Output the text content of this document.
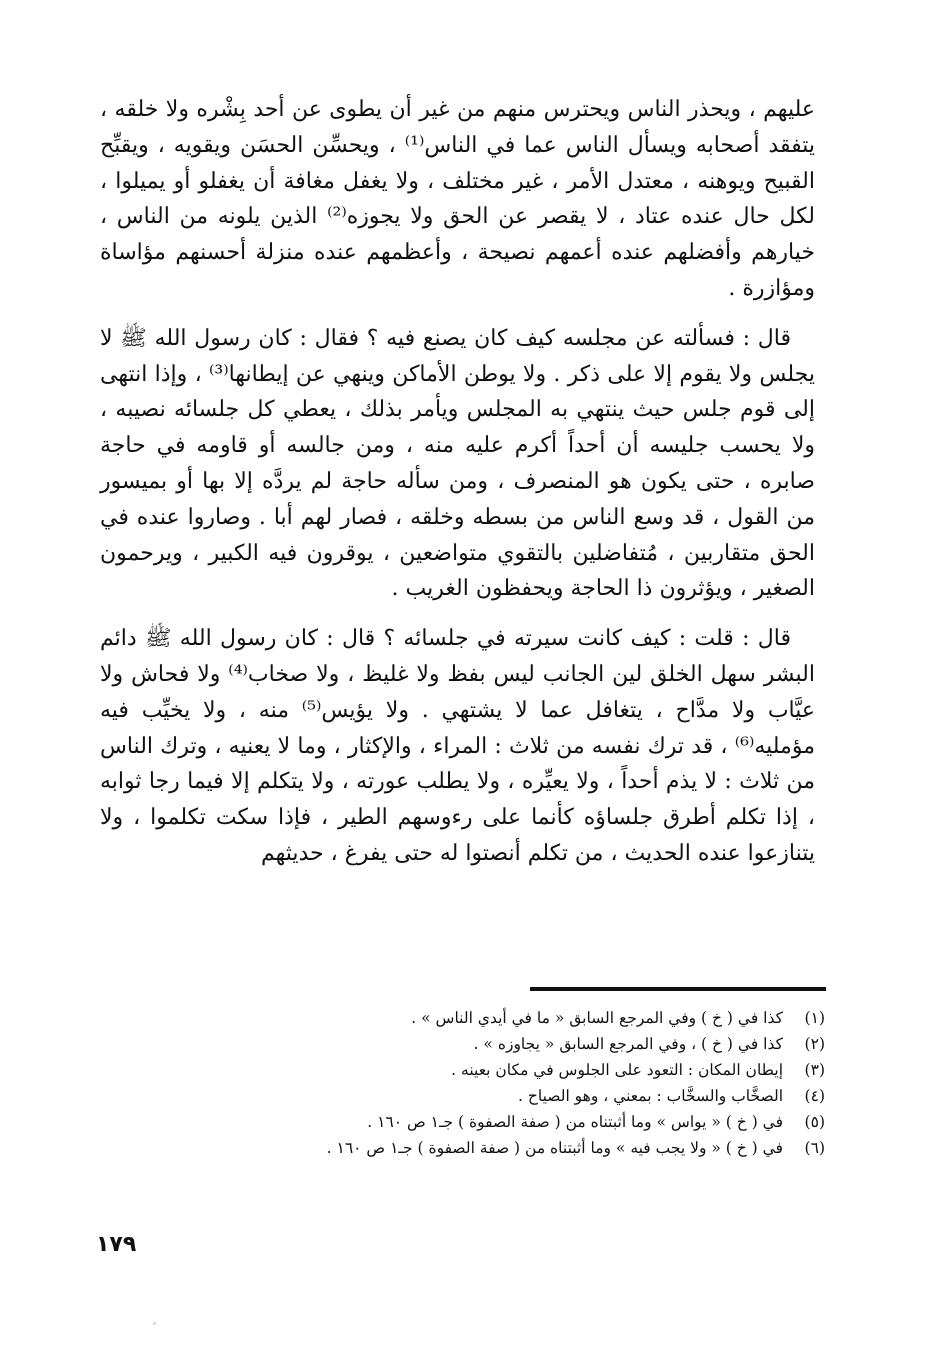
عليهم ، ويحذر الناس ويحترس منهم من غير أن يطوى عن أحد بِشْره ولا خلقه ، يتفقد أصحابه ويسأل الناس عما في الناس⁽¹⁾ ، ويحسِّن الحسَن ويقويه ، ويقبِّح القبيح ويوهنه ، معتدل الأمر ، غير مختلف ، ولا يغفل مغافة أن يغفلو أو يميلوا ، لكل حال عنده عتاد ، لا يقصر عن الحق ولا يجوزه⁽²⁾ الذين يلونه من الناس ، خيارهم وأفضلهم عنده أعمهم نصيحة ، وأعظمهم عنده منزلة أحسنهم مؤاساة ومؤازرة .

قال : فسألته عن مجلسه كيف كان يصنع فيه ؟ فقال : كان رسول الله ﷺ لا يجلس ولا يقوم إلا على ذكر . ولا يوطن الأماكن وينهي عن إيطانها⁽³⁾ ، وإذا انتهى إلى قوم جلس حيث ينتهي به المجلس ويأمر بذلك ، يعطي كل جلسائه نصيبه ، ولا يحسب جليسه أن أحداً أكرم عليه منه ، ومن جالسه أو قاومه في حاجة صابره ، حتى يكون هو المنصرف ، ومن سأله حاجة لم يردَّه إلا بها أو بميسور من القول ، قد وسع الناس من بسطه وخلقه ، فصار لهم أبا . وصاروا عنده في الحق متقاربين ، مُتفاضلين بالتقوي متواضعين ، يوقرون فيه الكبير ، ويرحمون الصغير ، ويؤثرون ذا الحاجة ويحفظون الغريب .

قال : قلت : كيف كانت سيرته في جلسائه ؟ قال : كان رسول الله ﷺ دائم البشر سهل الخلق لين الجانب ليس بفظ ولا غليظ ، ولا صخاب⁽⁴⁾ ولا فحاش ولا عيَّاب ولا مدَّاح ، يتغافل عما لا يشتهي . ولا يؤيس⁽⁵⁾ منه ، ولا يخيِّب فيه مؤمليه⁽⁶⁾ ، قد ترك نفسه من ثلاث : المراء ، والإكثار ، وما لا يعنيه ، وترك الناس من ثلاث : لا يذم أحداً ، ولا يعيِّره ، ولا يطلب عورته ، ولا يتكلم إلا فيما رجا ثوابه ، إذا تكلم أطرق جلساؤه كأنما على رءوسهم الطير ، فإذا سكت تكلموا ، ولا يتنازعوا عنده الحديث ، من تكلم أنصتوا له حتى يفرغ ، حديثهم

(١)
كذا في ( خ ) وفي المرجع السابق « ما في أيدي الناس » .
(٢)
كذا في ( خ ) ، وفي المرجع السابق « يجاوزه » .
(٣)
إيطان المكان : التعود على الجلوس في مكان بعينه .
(٤)
الصخَّاب والسخَّاب : بمعني ، وهو الصياح .
(٥)
في ( خ ) « يواس » وما أثبتناه من ( صفة الصفوة ) جـ١ ص ١٦٠ .
(٦)
في ( خ ) « ولا يجب فيه » وما أثبتناه من ( صفة الصفوة ) جـ١ ص ١٦٠ .
١٧٩
